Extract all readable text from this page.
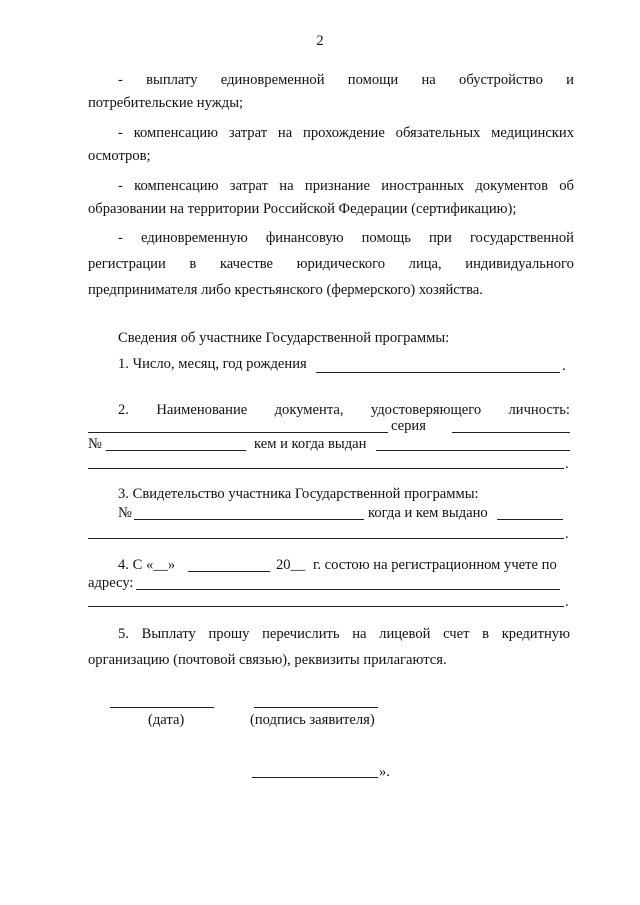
2
- выплату единовременной помощи на обустройство и
потребительские нужды;
- компенсацию затрат на прохождение обязательных медицинских
осмотров;
- компенсацию затрат на признание иностранных документов об
образовании на территории Российской Федерации (сертификацию);
- единовременную финансовую помощь при государственной
регистрации в качестве юридического лица, индивидуального
предпринимателя либо крестьянского (фермерского) хозяйства.
Сведения об участнике Государственной программы:
1. Число, месяц, год рождения	.
2. Наименование документа, удостоверяющего личность:
серия
№	кем и когда выдан
.
3. Свидетельство участника Государственной программы:
№	когда и кем выдано
.
4. С «__»	20__ г. состою на регистрационном учете по
адресу:
.
5. Выплату прошу перечислить на лицевой счет в кредитную
организацию (почтовой связью), реквизиты прилагаются.
(дата)	(подпись заявителя)
».
